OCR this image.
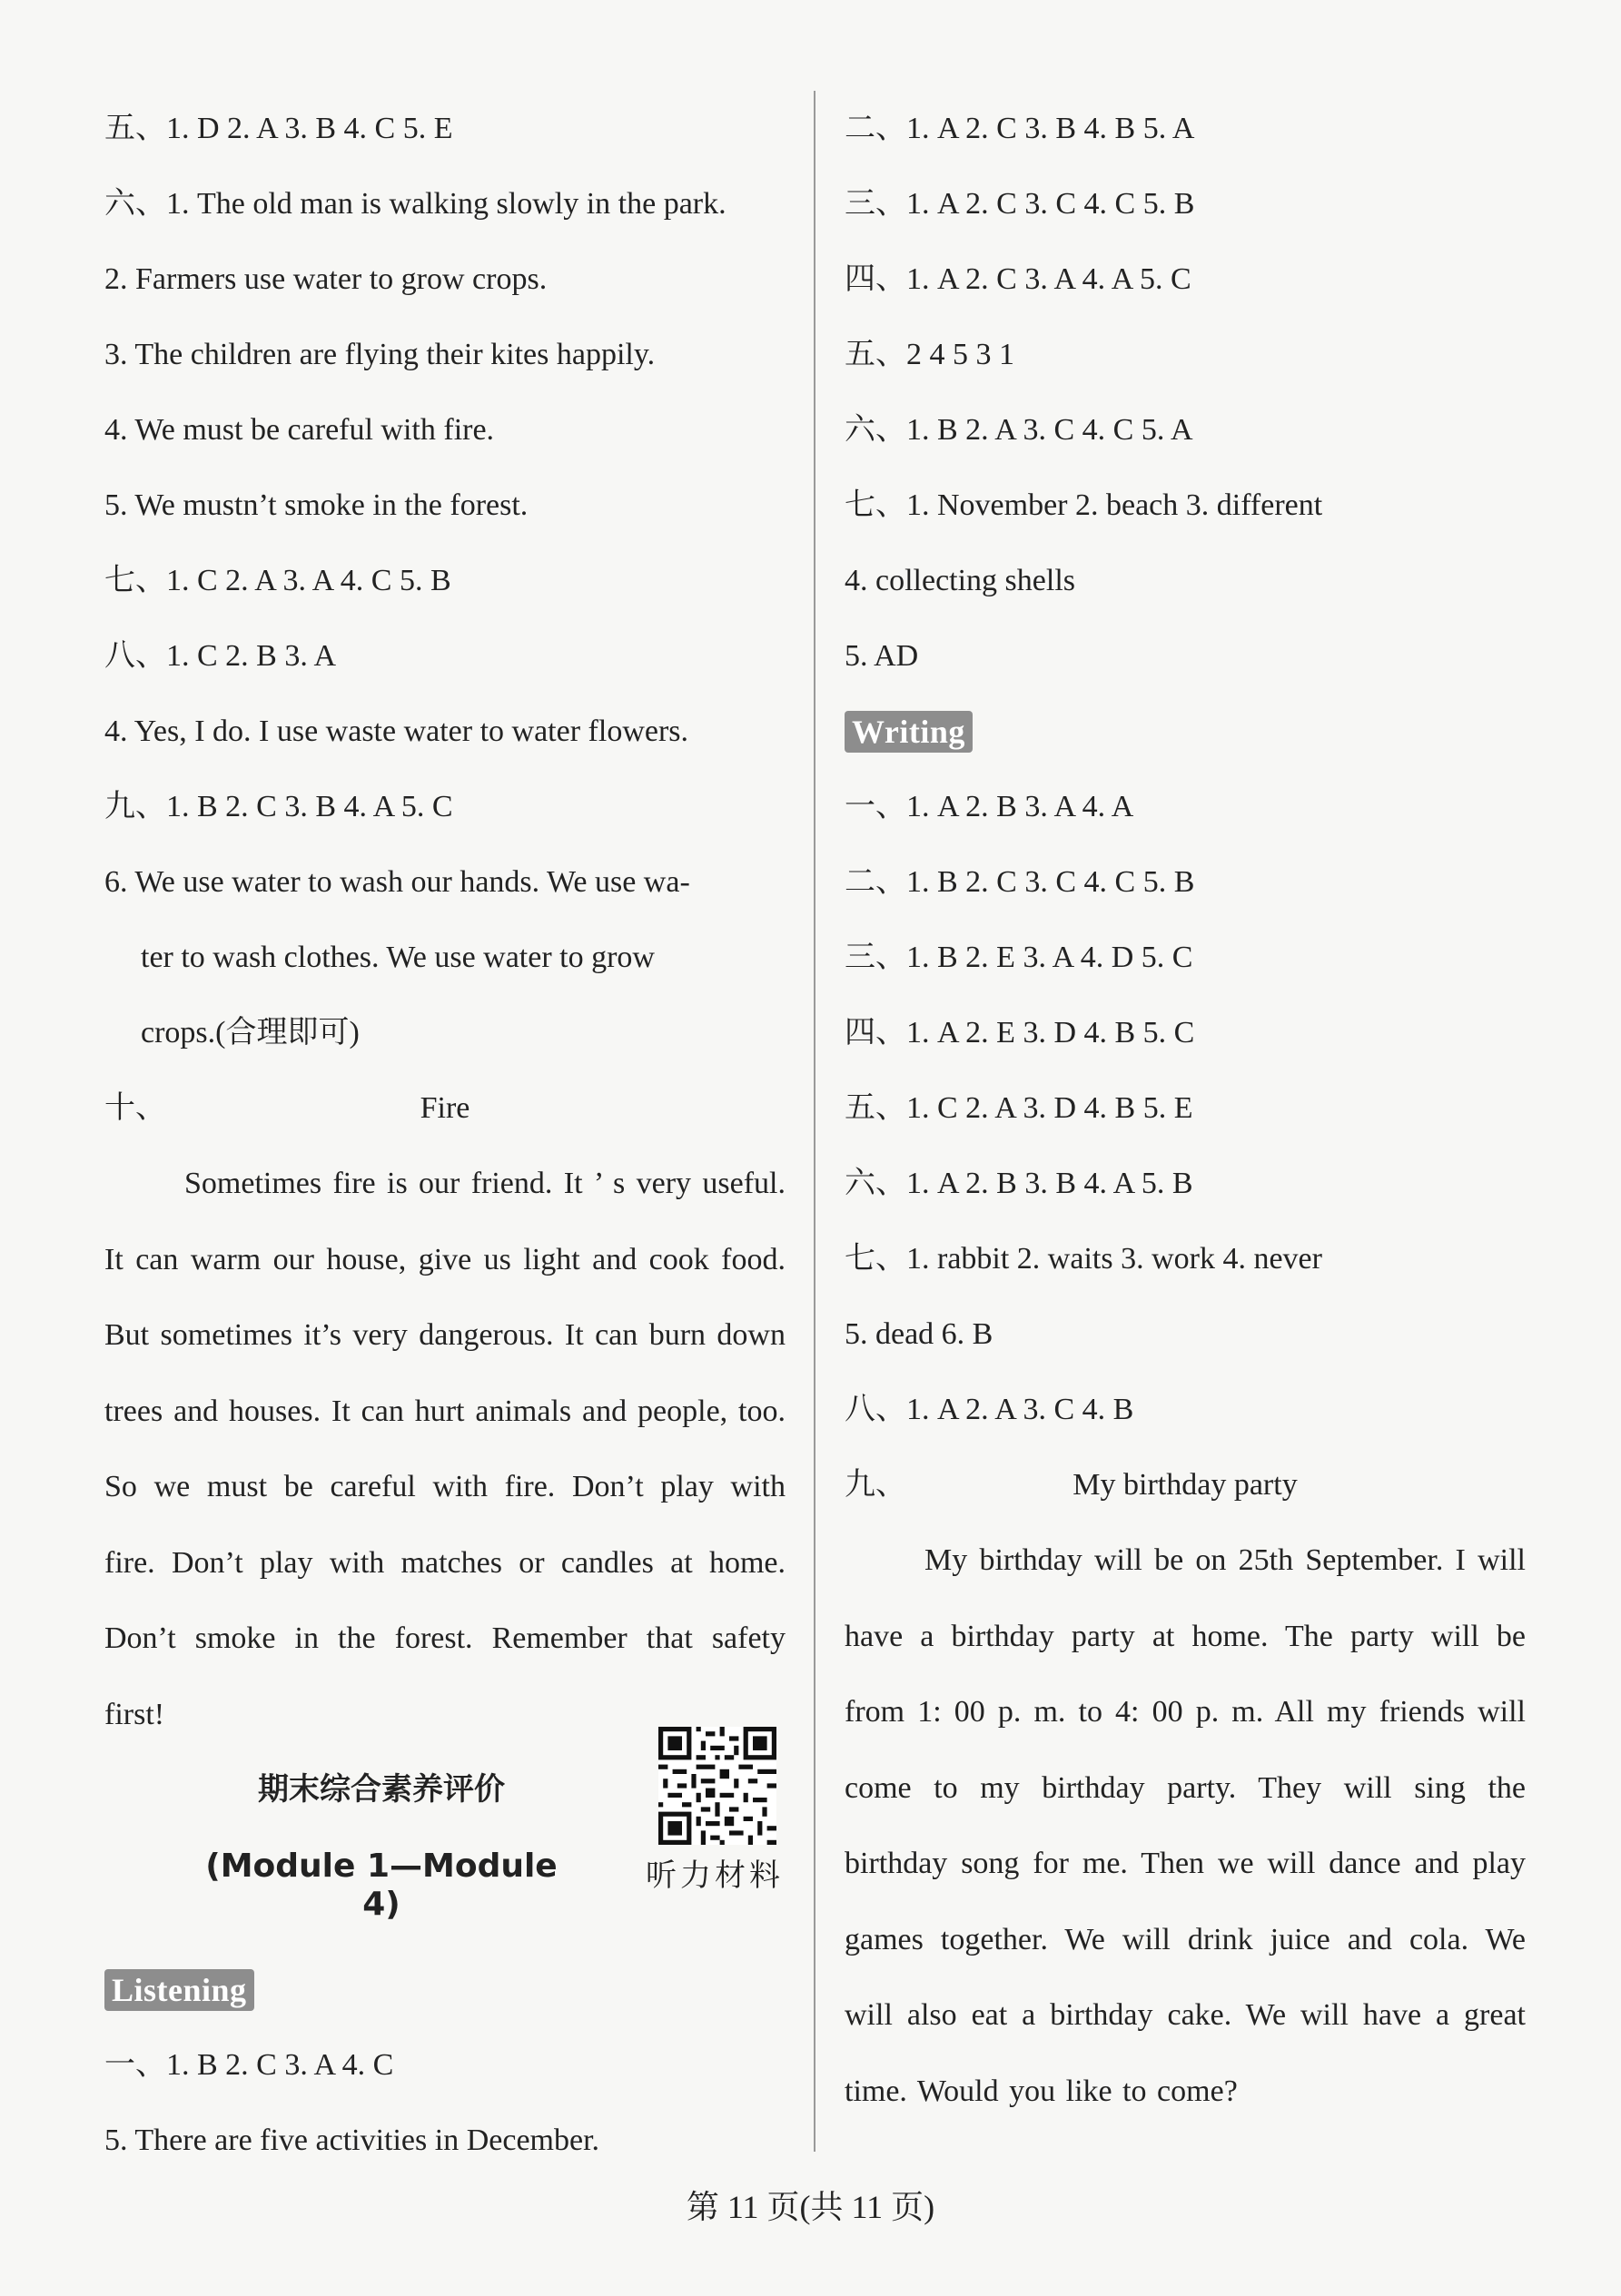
五、1. D 2. A 3. B 4. C 5. E
六、1. The old man is walking slowly in the park.
2. Farmers use water to grow crops.
3. The children are flying their kites happily.
4. We must be careful with fire.
5. We mustn’t smoke in the forest.
七、1. C 2. A 3. A 4. C 5. B
八、1. C 2. B 3. A
4. Yes, I do. I use waste water to water flowers.
九、1. B 2. C 3. B 4. A 5. C
6. We use water to wash our hands. We use wa-
ter to wash clothes. We use water to grow
crops.(合理即可)
十、	Fire
Sometimes fire is our friend. It ’ s very useful. It can warm our house, give us light and cook food. But sometimes it’s very dangerous. It can burn down trees and houses. It can hurt animals and people, too. So we must be careful with fire. Don’t play with fire. Don’t play with matches or candles at home. Don’t smoke in the forest. Remember that safety first!
期末综合素养评价
(Module 1—Module 4)
听力材料
Listening
一、1. B 2. C 3. A 4. C
5. There are five activities in December.
二、1. A 2. C 3. B 4. B 5. A
三、1. A 2. C 3. C 4. C 5. B
四、1. A 2. C 3. A 4. A 5. C
五、2 4 5 3 1
六、1. B 2. A 3. C 4. C 5. A
七、1. November 2. beach 3. different
4. collecting shells
5. AD
Writing
一、1. A 2. B 3. A 4. A
二、1. B 2. C 3. C 4. C 5. B
三、1. B 2. E 3. A 4. D 5. C
四、1. A 2. E 3. D 4. B 5. C
五、1. C 2. A 3. D 4. B 5. E
六、1. A 2. B 3. B 4. A 5. B
七、1. rabbit 2. waits 3. work 4. never
5. dead 6. B
八、1. A 2. A 3. C 4. B
九、	My birthday party
My birthday will be on 25th September. I will have a birthday party at home. The party will be from 1: 00 p. m. to 4: 00 p. m. All my friends will come to my birthday party. They will sing the birthday song for me. Then we will dance and play games together. We will drink juice and cola. We will also eat a birthday cake. We will have a great time. Would you like to come?
第 11 页(共 11 页)
